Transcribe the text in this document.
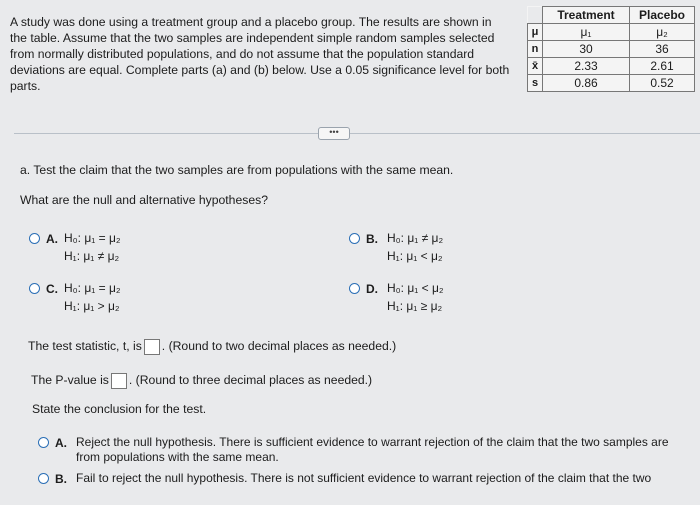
A study was done using a treatment group and a placebo group. The results are shown in the table. Assume that the two samples are independent simple random samples selected from normally distributed populations, and do not assume that the population standard deviations are equal. Complete parts (a) and (b) below. Use a 0.05 significance level for both parts.
	Treatment	Placebo
μ	μ₁	μ₂
n	30	36
x̄	2.33	2.61
s	0.86	0.52
•••
a. Test the claim that the two samples are from populations with the same mean.
What are the null and alternative hypotheses?
A. H₀: μ₁ = μ₂
H₁: μ₁ ≠ μ₂
B. H₀: μ₁ ≠ μ₂
H₁: μ₁ < μ₂
C. H₀: μ₁ = μ₂
H₁: μ₁ > μ₂
D. H₀: μ₁ < μ₂
H₁: μ₁ ≥ μ₂
The test statistic, t, is . (Round to two decimal places as needed.)
The P-value is . (Round to three decimal places as needed.)
State the conclusion for the test.
A. Reject the null hypothesis. There is sufficient evidence to warrant rejection of the claim that the two samples are from populations with the same mean.
B. Fail to reject the null hypothesis. There is not sufficient evidence to warrant rejection of the claim that the two
